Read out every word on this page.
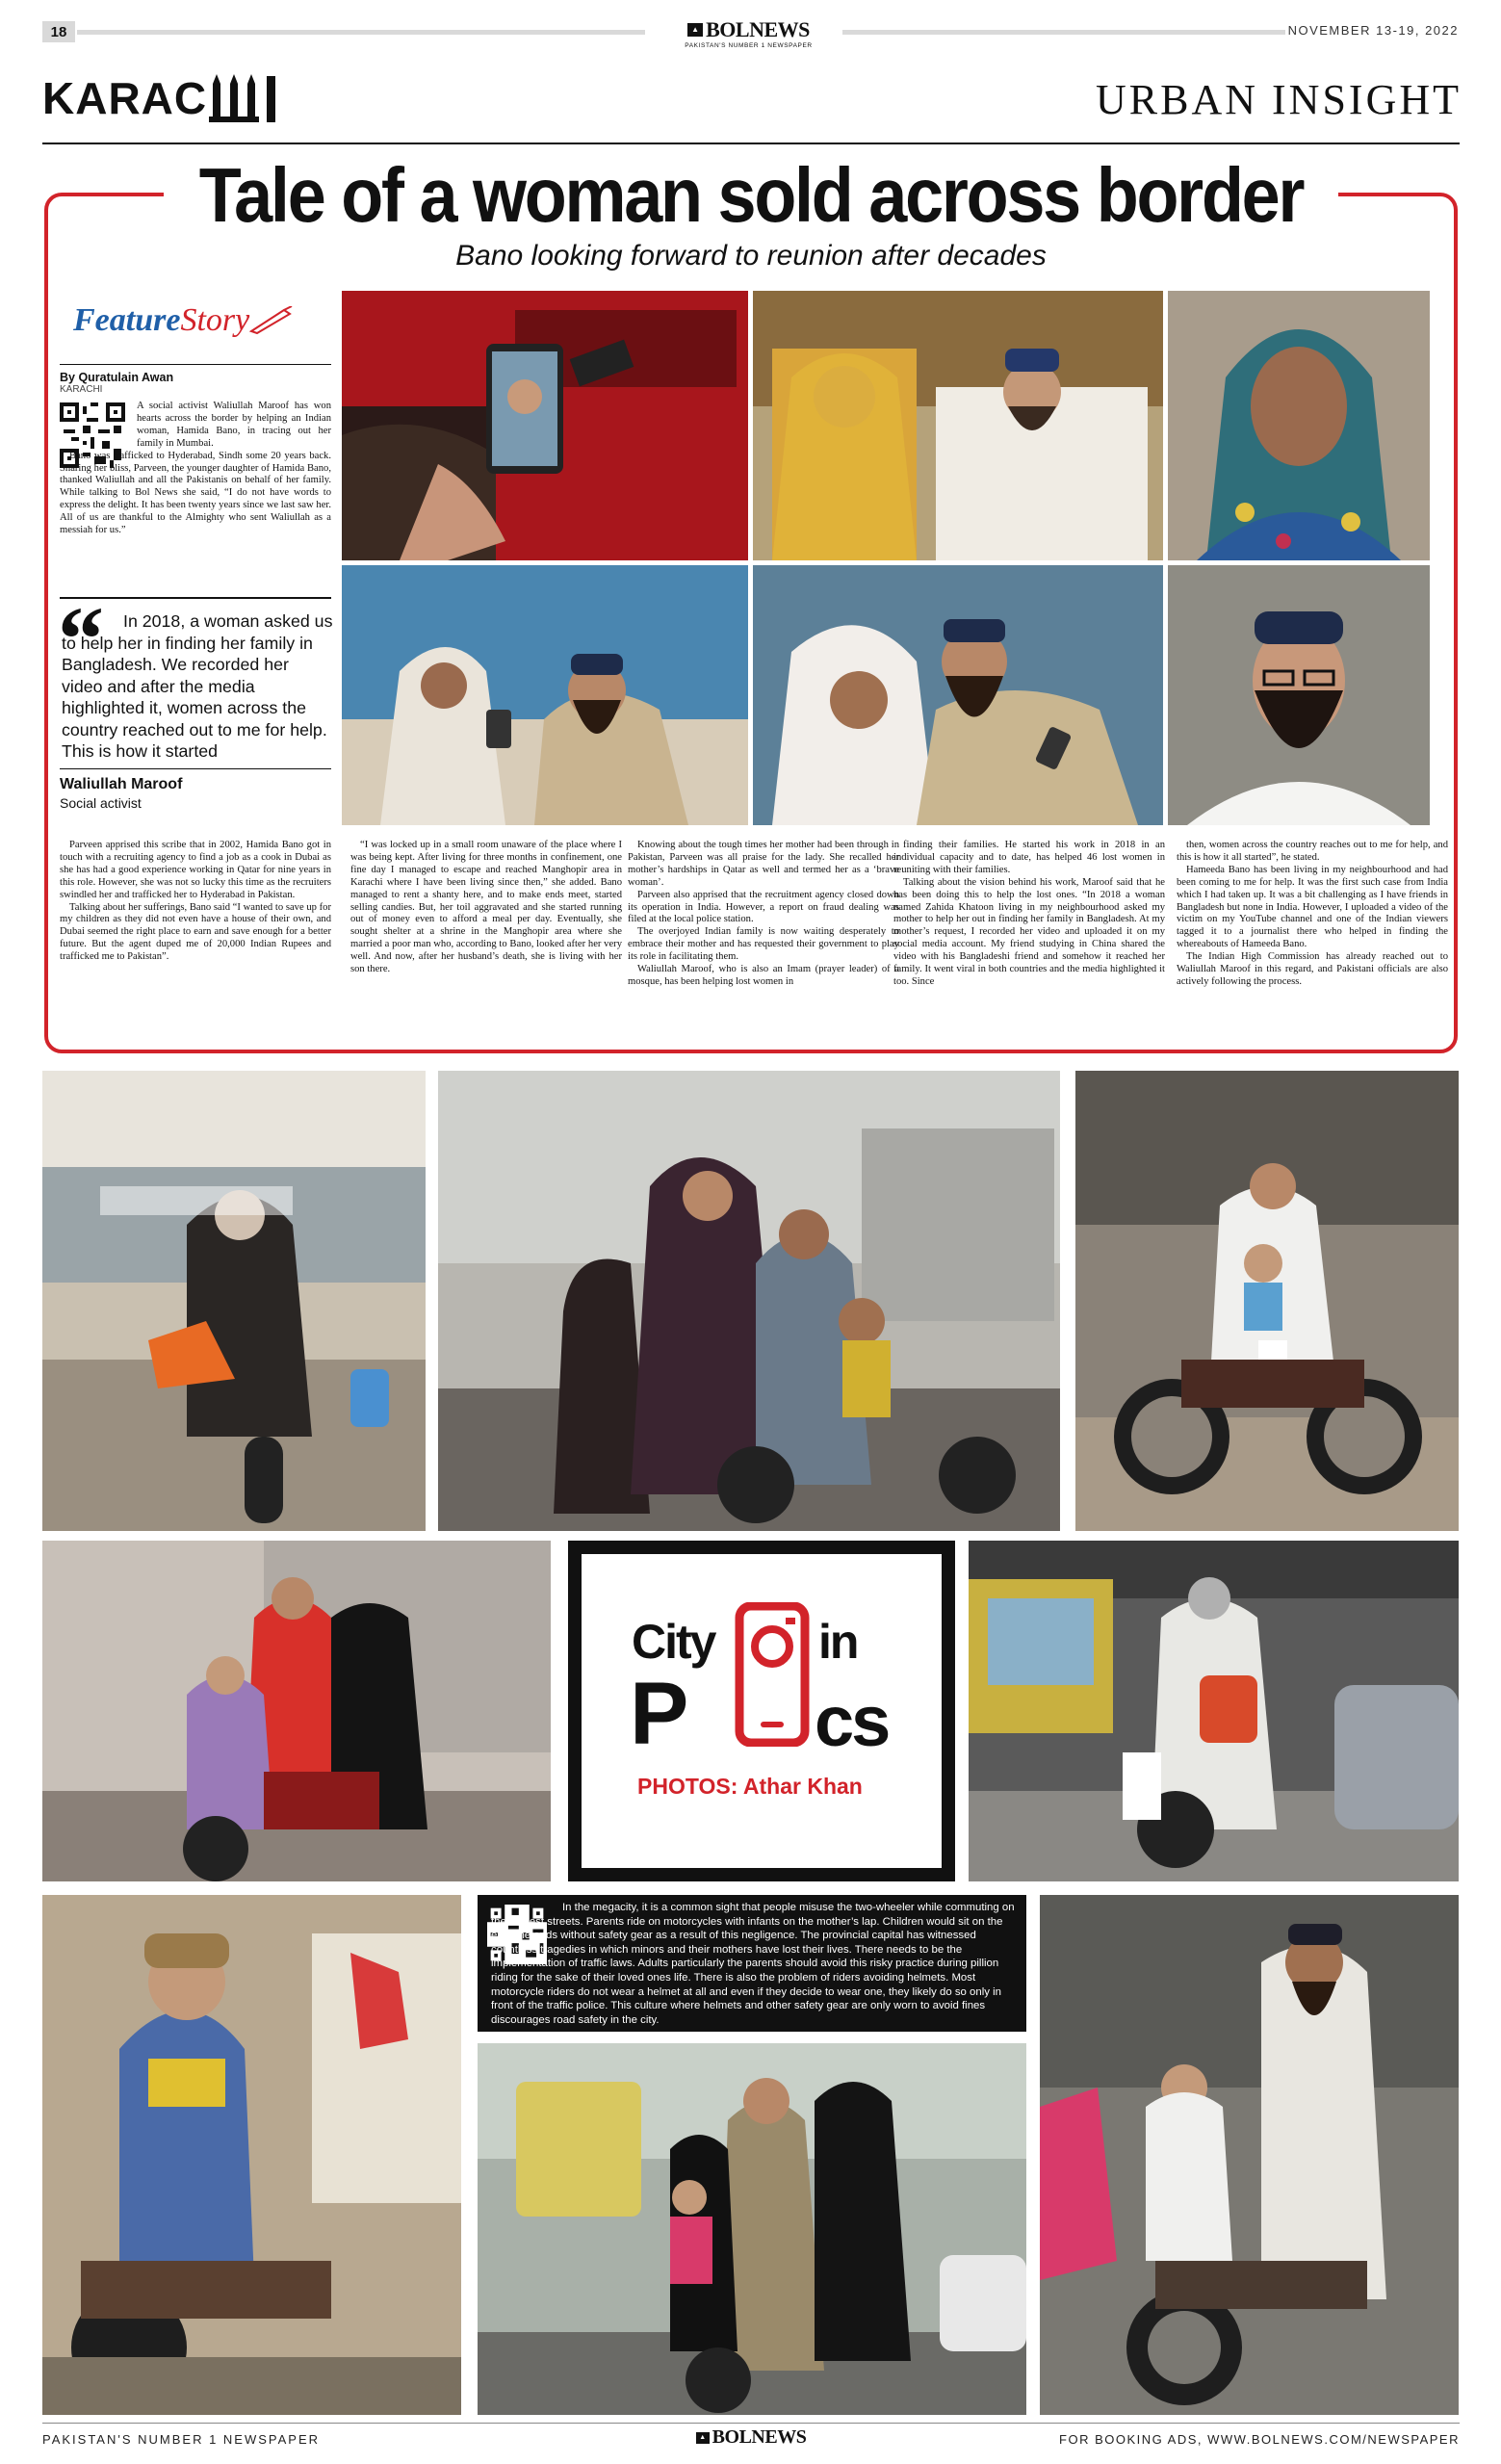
18	▲ BOLNEWS
PAKISTAN'S NUMBER 1 NEWSPAPER
NOVEMBER 13-19, 2022
KARAC	URBAN INSIGHT
Tale of a woman sold across border
Bano looking forward to reunion after decades
Feature Story
By Quratulain Awan
KARACHI

A social activist Waliullah Maroof has won hearts across the border by helping an Indian woman, Hamida Bano, in tracing out her family in Mumbai.

Bano was trafficked to Hyderabad, Sindh some 20 years back. Sharing her bliss, Parveen, the younger daughter of Hamida Bano, thanked Waliullah and all the Pakistanis on behalf of her family. While talking to Bol News she said, “I do not have words to express the delight. It has been twenty years since we last saw her. All of us are thankful to the Almighty who sent Waliullah as a messiah for us.”

“	In 2018, a woman asked us to help her in finding her family in Bangladesh. We recorded her video and after the media highlighted it, women across the country reached out to me for help. This is how it started
Waliullah Maroof
Social activist

Parveen apprised this scribe that in 2002, Hamida Bano got in touch with a recruiting agency to find a job as a cook in Dubai as she has had a good experience working in Qatar for nine years in this role. However, she was not so lucky this time as the recruiters swindled her and trafficked her to Hyderabad in Pakistan.

Talking about her sufferings, Bano said “I wanted to save up for my children as they did not even have a house of their own, and Dubai seemed the right place to earn and save enough for a better future. But the agent duped me of 20,000 Indian Rupees and trafficked me to Pakistan”.

“I was locked up in a small room unaware of the place where I was being kept. After living for three months in confinement, one fine day I managed to escape and reached Manghopir area in Karachi where I have been living since then,” she added. Bano managed to rent a shanty here, and to make ends meet, started selling candies. But, her toil aggravated and she started running out of money even to afford a meal per day. Eventually, she sought shelter at a shrine in the Manghopir area where she married a poor man who, according to Bano, looked after her very well. And now, after her husband’s death, she is living with her son there.

Knowing about the tough times her mother had been through in Pakistan, Parveen was all praise for the lady. She recalled her mother’s hardships in Qatar as well and termed her as a ‘brave woman’.

Parveen also apprised that the recruitment agency closed down its operation in India. However, a report on fraud dealing was filed at the local police station.

The overjoyed Indian family is now waiting desperately to embrace their mother and has requested their government to play its role in facilitating them.

Waliullah Maroof, who is also an Imam (prayer leader) of a mosque, has been helping lost women in

finding their families. He started his work in 2018 in an individual capacity and to date, has helped 46 lost women in reuniting with their families.

Talking about the vision behind his work, Maroof said that he has been doing this to help the lost ones. “In 2018 a woman named Zahida Khatoon living in my neighbourhood asked my mother to help her out in finding her family in Bangladesh. At my mother’s request, I recorded her video and uploaded it on my social media account. My friend studying in China shared the video with his Bangladeshi friend and somehow it reached her family. It went viral in both countries and the media highlighted it too. Since

then, women across the country reaches out to me for help, and this is how it all started”, he stated.

Hameeda Bano has been living in my neighbourhood and had been coming to me for help. It was the first such case from India which I had taken up. It was a bit challenging as I have friends in Bangladesh but none in India. However, I uploaded a video of the victim on my YouTube channel and one of the Indian viewers tagged it to a journalist there who helped in finding the whereabouts of Hameeda Bano.

The Indian High Commission has already reached out to Waliullah Maroof in this regard, and Pakistani officials are also actively following the process.

City in
P cs
PHOTOS: Athar Khan
In the megacity, it is a common sight that people misuse the two-wheeler while commuting on the busiest streets. Parents ride on motorcycles with infants on the mother’s lap. Children would sit on the extreme ends without safety gear as a result of this negligence. The provincial capital has witnessed countless tragedies in which minors and their mothers have lost their lives. There needs to be the implementation of traffic laws. Adults particularly the parents should avoid this risky practice during pillion riding for the sake of their loved ones life. There is also the problem of riders avoiding helmets. Most motorcycle riders do not wear a helmet at all and even if they decide to wear one, they likely do so only in front of the traffic police. This culture where helmets and other safety gear are only worn to avoid fines discourages road safety in the city.
PAKISTAN'S NUMBER 1 NEWSPAPER	▲ BOLNEWS	FOR BOOKING ADS, WWW.BOLNEWS.COM/NEWSPAPER
